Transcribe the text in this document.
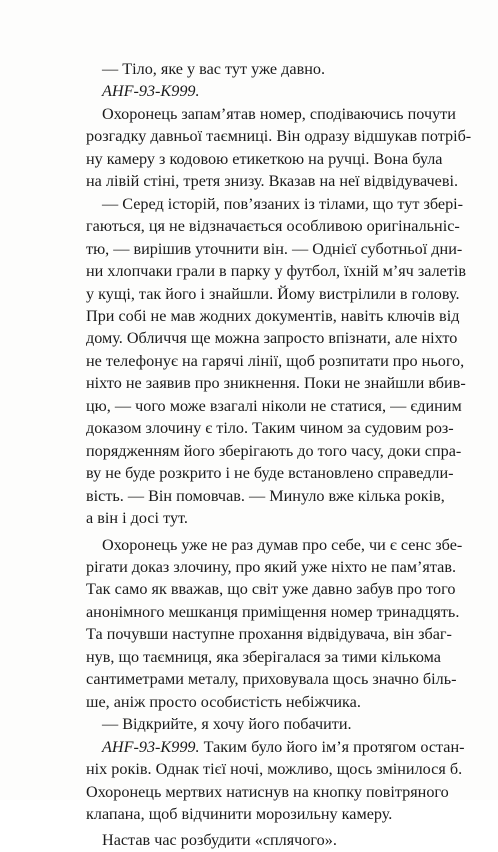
— Тіло, яке у вас тут уже давно.
AHF-93-K999.
Охоронець запам’ятав номер, сподіваючись почути
розгадку давньої таємниці. Він одразу відшукав потріб-
ну камеру з кодовою етикеткою на ручці. Вона була
на лівій стіні, третя знизу. Вказав на неї відвідувачеві.
— Серед історій, пов’язаних із тілами, що тут збері-
гаються, ця не відзначається особливою оригінальніс-
тю, — вирішив уточнити він. — Однієї суботньої дни-
ни хлопчаки грали в парку у футбол, їхній м’яч залетів
у кущі, так його і знайшли. Йому вистрілили в голову.
При собі не мав жодних документів, навіть ключів від
дому. Обличчя ще можна запросто впізнати, але ніхто
не телефонує на гарячі лінії, щоб розпитати про нього,
ніхто не заявив про зникнення. Поки не знайшли вбив-
цю, — чого може взагалі ніколи не статися, — єдиним
доказом злочину є тіло. Таким чином за судовим роз-
порядженням його зберігають до того часу, доки спра-
ву не буде розкрито і не буде встановлено справедли-
вість. — Він помовчав. — Минуло вже кілька років,
а він і досі тут.
Охоронець уже не раз думав про себе, чи є сенс збе-
рігати доказ злочину, про який уже ніхто не пам’ятав.
Так само як вважав, що світ уже давно забув про того
анонімного мешканця приміщення номер тринадцять.
Та почувши наступне прохання відвідувача, він збаг-
нув, що таємниця, яка зберігалася за тими кількома
сантиметрами металу, приховувала щось значно біль-
ше, аніж просто особистість небіжчика.
— Відкрийте, я хочу його побачити.
AHF-93-K999. Таким було його ім’я протягом остан-
ніх років. Однак тієї ночі, можливо, щось змінилося б.
Охоронець мертвих натиснув на кнопку повітряного
клапана, щоб відчинити морозильну камеру.
Настав час розбудити «сплячого».
